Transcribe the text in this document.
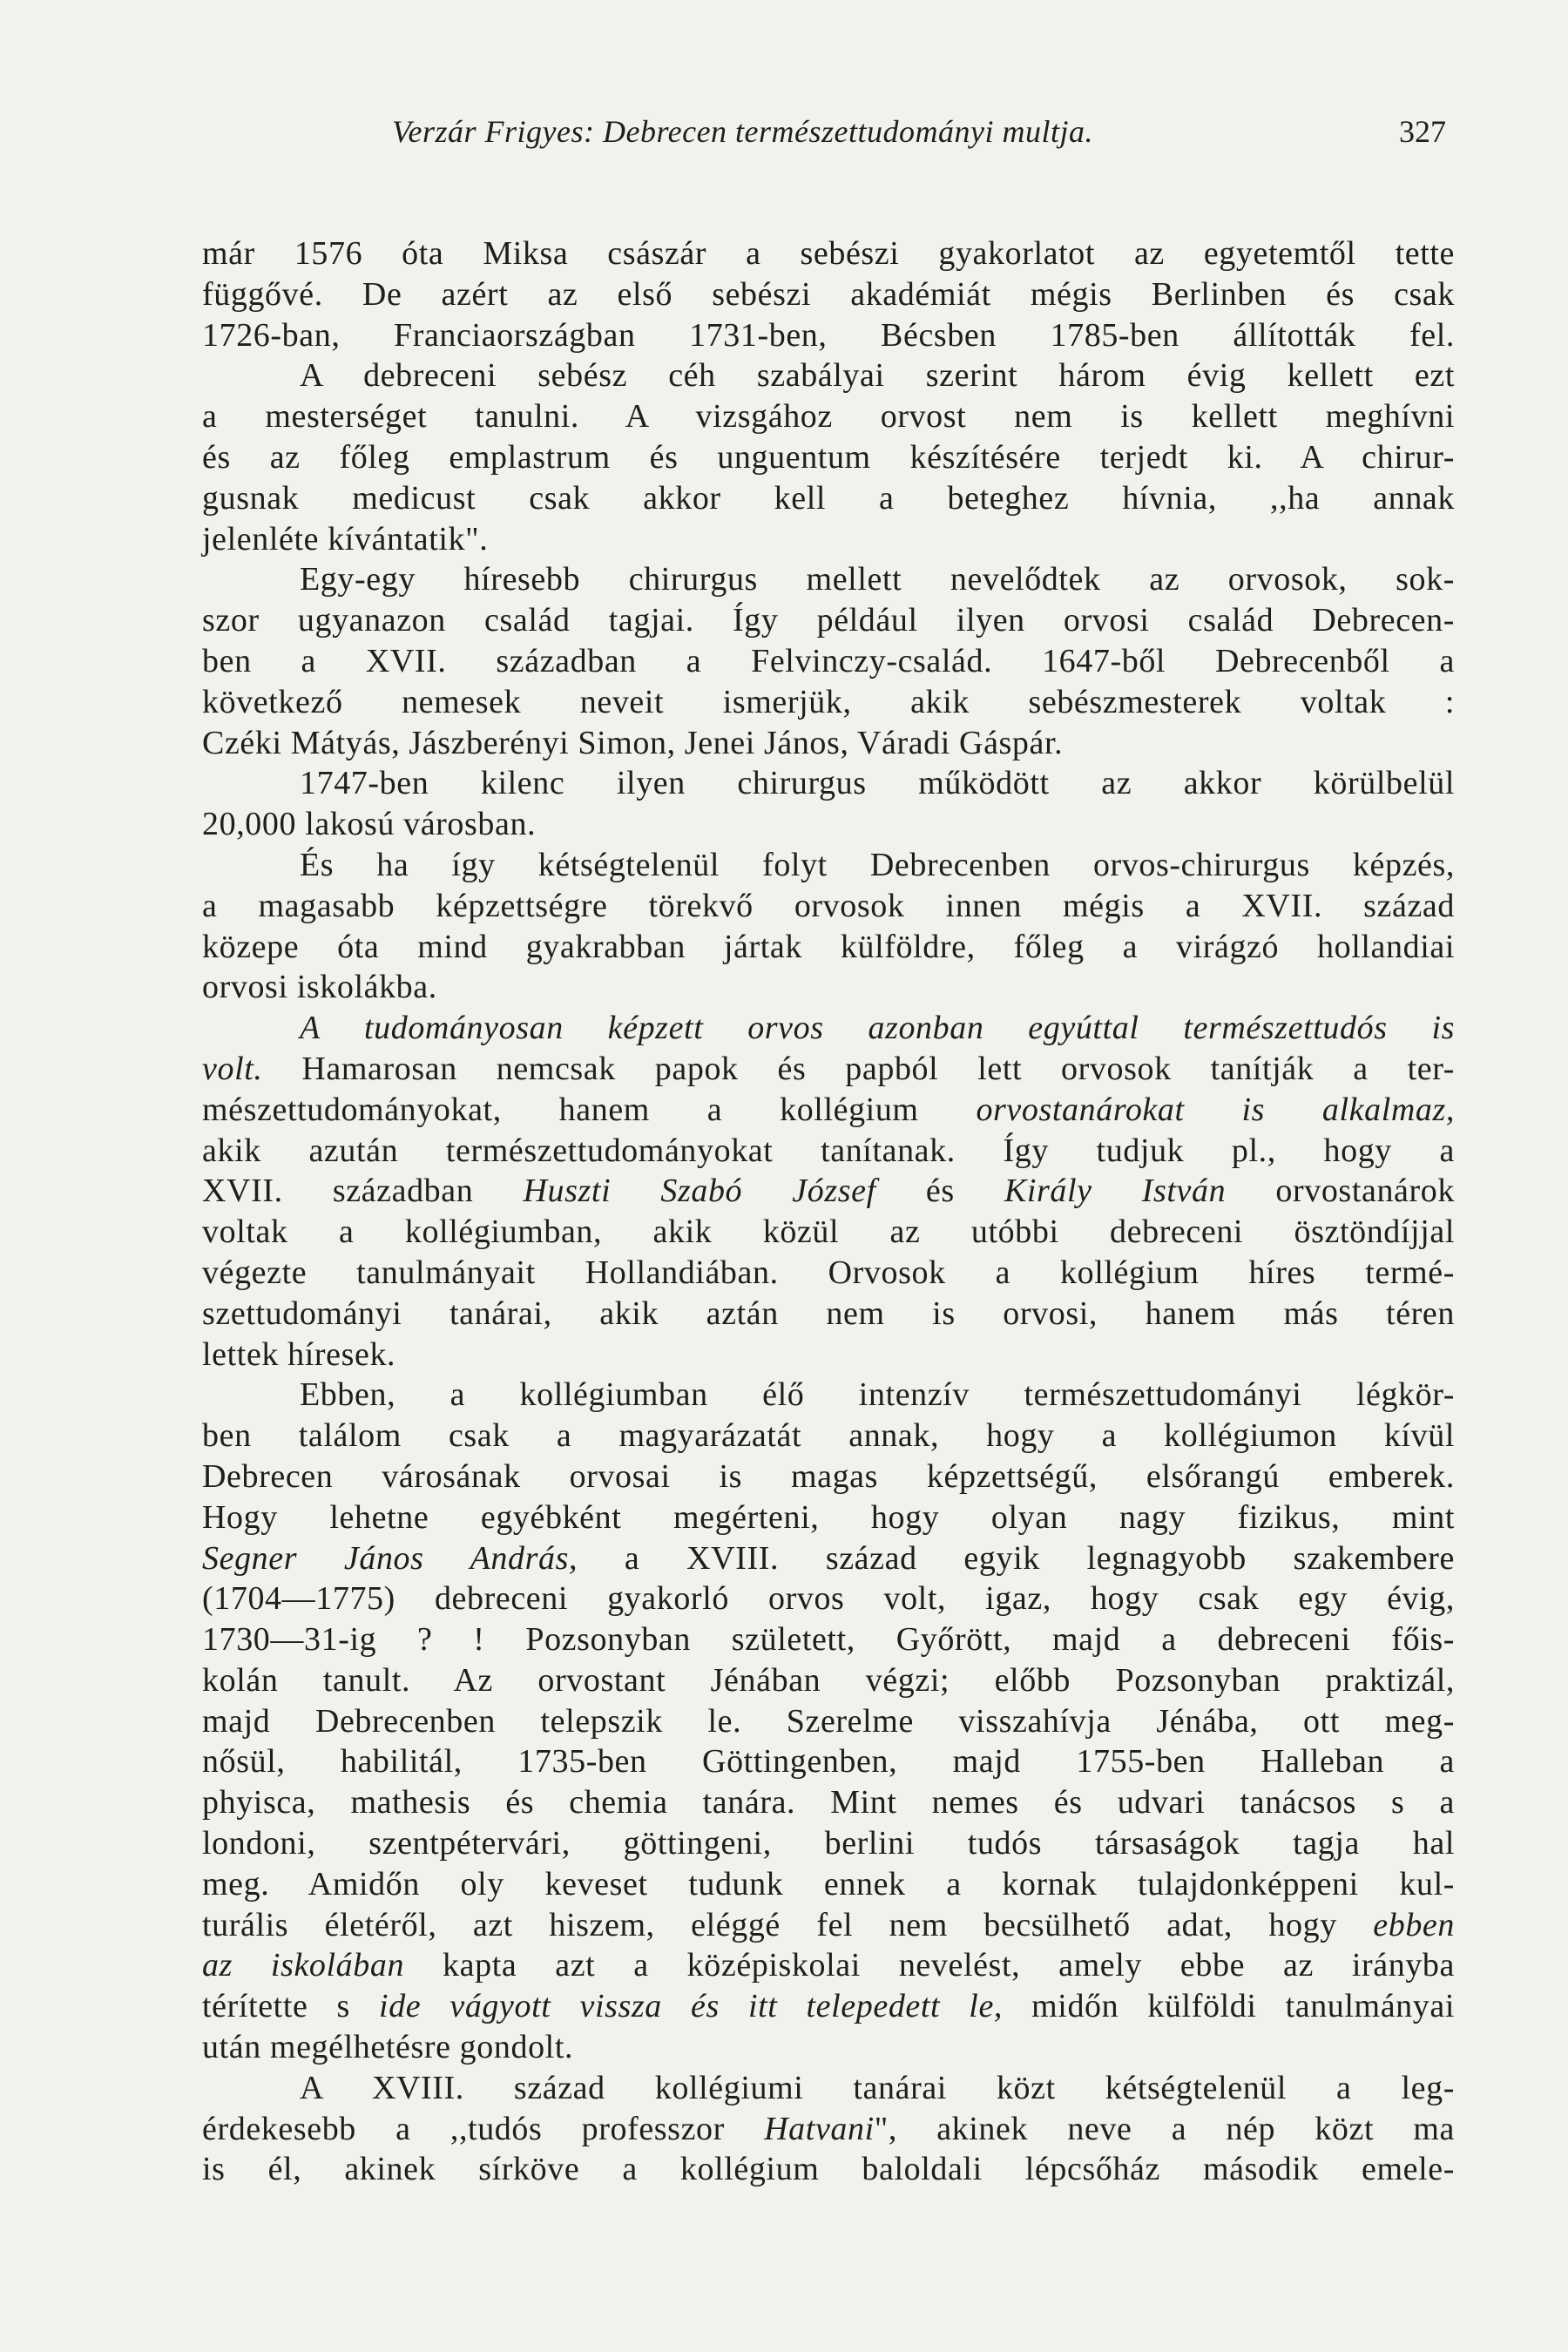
Verzár Frigyes: Debrecen természettudományi multja.	327
már 1576 óta Miksa császár a sebészi gyakorlatot az egyetemtől tette
függővé. De azért az első sebészi akadémiát mégis Berlinben és csak
1726-ban, Franciaországban 1731-ben, Bécsben 1785-ben állították fel.
A debreceni sebész céh szabályai szerint három évig kellett ezt
a mesterséget tanulni. A vizsgához orvost nem is kellett meghívni
és az főleg emplastrum és unguentum készítésére terjedt ki. A chirur-
gusnak medicust csak akkor kell a beteghez hívnia, ,,ha annak
jelenléte kívántatik".
Egy-egy híresebb chirurgus mellett nevelődtek az orvosok, sok-
szor ugyanazon család tagjai. Így például ilyen orvosi család Debrecen-
ben a XVII. században a Felvinczy-család. 1647-ből Debrecenből a
következő nemesek neveit ismerjük, akik sebészmesterek voltak :
Czéki Mátyás, Jászberényi Simon, Jenei János, Váradi Gáspár.
1747-ben kilenc ilyen chirurgus működött az akkor körülbelül
20,000 lakosú városban.
És ha így kétségtelenül folyt Debrecenben orvos-chirurgus képzés,
a magasabb képzettségre törekvő orvosok innen mégis a XVII. század
közepe óta mind gyakrabban jártak külföldre, főleg a virágzó hollandiai
orvosi iskolákba.
A tudományosan képzett orvos azonban egyúttal természettudós is
volt. Hamarosan nemcsak papok és papból lett orvosok tanítják a ter-
mészettudományokat, hanem a kollégium orvostanárokat is alkalmaz,
akik azután természettudományokat tanítanak. Így tudjuk pl., hogy a
XVII. században Huszti Szabó József és Király István orvostanárok
voltak a kollégiumban, akik közül az utóbbi debreceni ösztöndíjjal
végezte tanulmányait Hollandiában. Orvosok a kollégium híres termé-
szettudományi tanárai, akik aztán nem is orvosi, hanem más téren
lettek híresek.
Ebben, a kollégiumban élő intenzív természettudományi légkör-
ben találom csak a magyarázatát annak, hogy a kollégiumon kívül
Debrecen városának orvosai is magas képzettségű, elsőrangú emberek.
Hogy lehetne egyébként megérteni, hogy olyan nagy fizikus, mint
Segner János András, a XVIII. század egyik legnagyobb szakembere
(1704—1775) debreceni gyakorló orvos volt, igaz, hogy csak egy évig,
1730—31-ig ? ! Pozsonyban született, Győrött, majd a debreceni főis-
kolán tanult. Az orvostant Jénában végzi; előbb Pozsonyban praktizál,
majd Debrecenben telepszik le. Szerelme visszahívja Jénába, ott meg-
nősül, habilitál, 1735-ben Göttingenben, majd 1755-ben Halleban a
phyisca, mathesis és chemia tanára. Mint nemes és udvari tanácsos s a
londoni, szentpétervári, göttingeni, berlini tudós társaságok tagja hal
meg. Amidőn oly keveset tudunk ennek a kornak tulajdonképpeni kul-
turális életéről, azt hiszem, eléggé fel nem becsülhető adat, hogy ebben
az iskolában kapta azt a középiskolai nevelést, amely ebbe az irányba
térítette s ide vágyott vissza és itt telepedett le, midőn külföldi tanulmányai
után megélhetésre gondolt.
A XVIII. század kollégiumi tanárai közt kétségtelenül a leg-
érdekesebb a ,,tudós professzor Hatvani", akinek neve a nép közt ma
is él, akinek sírköve a kollégium baloldali lépcsőház második emele-
